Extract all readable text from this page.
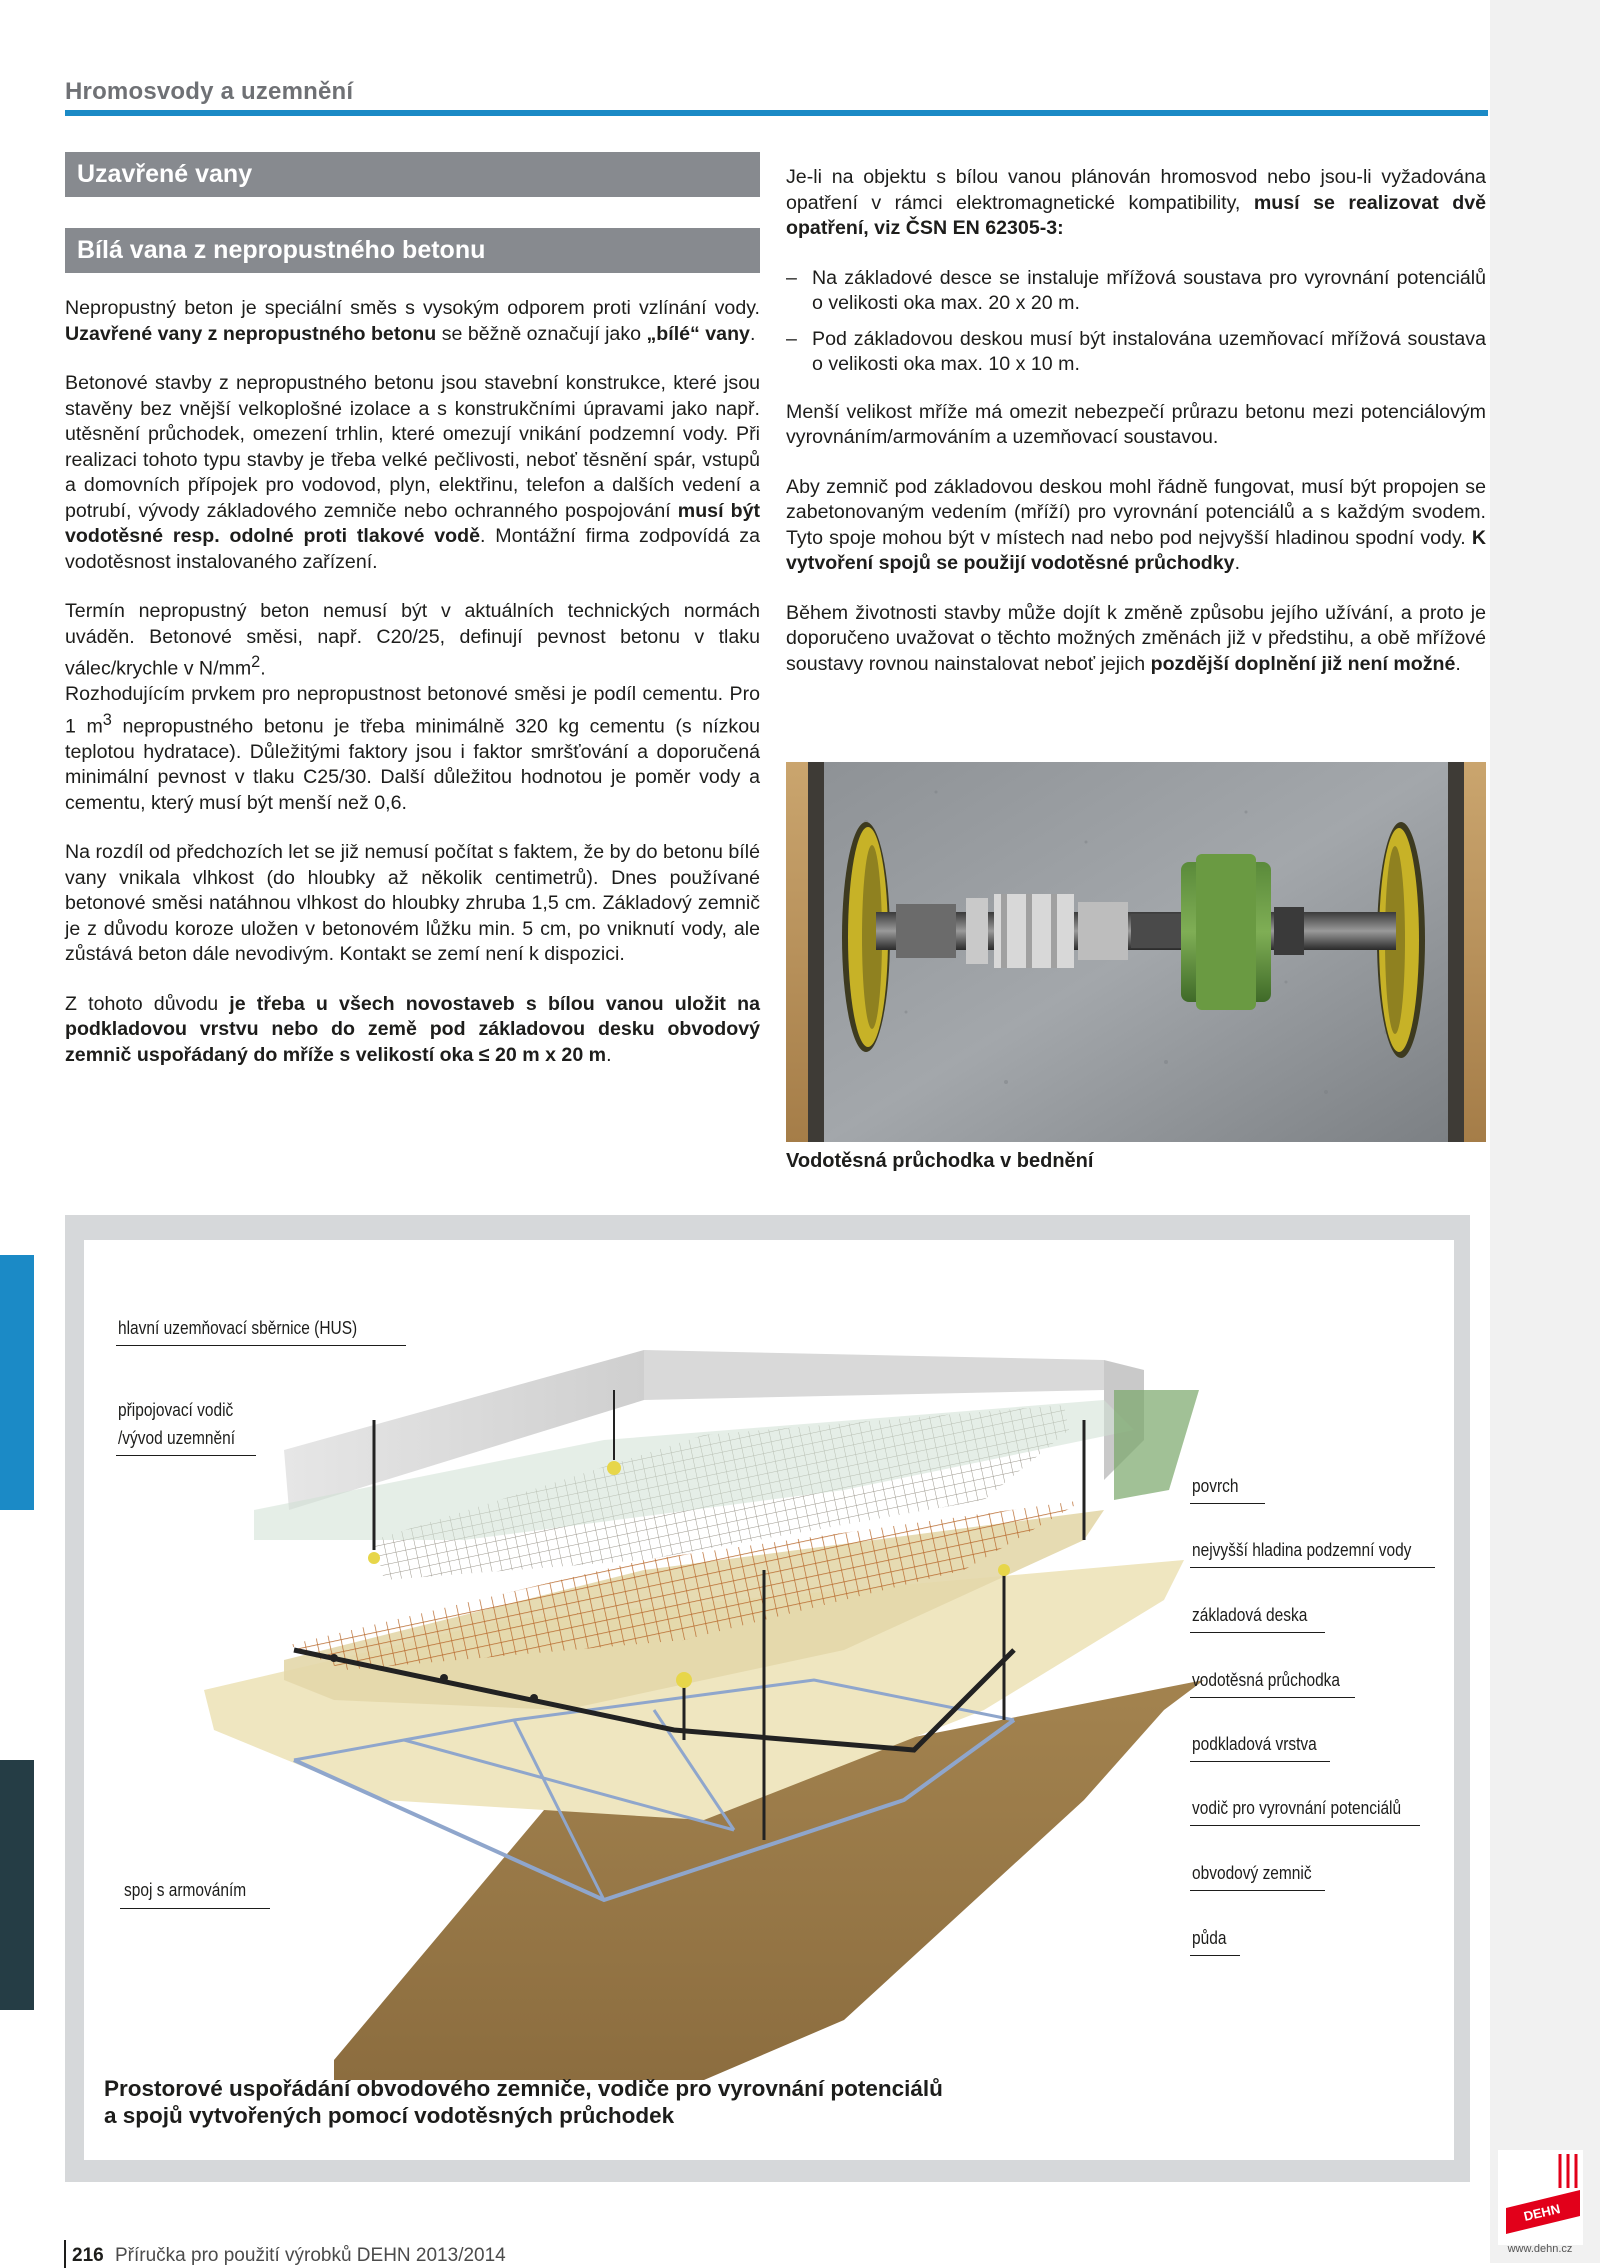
Hromosvody a uzemnění
Uzavřené vany
Bílá vana z nepropustného betonu

Nepropustný beton je speciální směs s vysokým odporem proti vzlínání vody. Uzavřené vany z nepropustného betonu se běžně označují jako „bílé“ vany.

Betonové stavby z nepropustného betonu jsou stavební konstrukce, které jsou stavěny bez vnější velkoplošné izolace a s konstrukčními úpravami jako např. utěsnění průchodek, omezení trhlin, které omezují vnikání podzemní vody. Při realizaci tohoto typu stavby je třeba velké pečlivosti, neboť těsnění spár, vstupů a domovních přípojek pro vodovod, plyn, elektřinu, telefon a dalších vedení a potrubí, vývody základového zemniče nebo ochranného pospojování musí být vodotěsné resp. odolné proti tlakové vodě. Montážní firma zodpovídá za vodotěsnost instalovaného zařízení.

Termín nepropustný beton nemusí být v aktuálních technických normách uváděn. Betonové směsi, např. C20/25, definují pevnost betonu v tlaku válec/krychle v $N/mm^2$.

Rozhodujícím prvkem pro nepropustnost betonové směsi je podíl cementu. Pro 1 $m^3$ nepropustného betonu je třeba minimálně 320 kg cementu (s nízkou teplotou hydratace). Důležitými faktory jsou i faktor smršťování a doporučená minimální pevnost v tlaku C25/30. Další důležitou hodnotou je poměr vody a cementu, který musí být menší než 0,6.

Na rozdíl od předchozích let se již nemusí počítat s faktem, že by do betonu bílé vany vnikala vlhkost (do hloubky až několik centimetrů). Dnes používané betonové směsi natáhnou vlhkost do hloubky zhruba 1,5 cm. Základový zemnič je z důvodu koroze uložen v betonovém lůžku min. 5 cm, po vniknutí vody, ale zůstává beton dále nevodivým. Kontakt se zemí není k dispozici.

Z tohoto důvodu je třeba u všech novostaveb s bílou vanou uložit na podkladovou vrstvu nebo do země pod základovou desku obvodový zemnič uspořádaný do mříže s velikostí oka ≤ 20 m x 20 m.

Je-li na objektu s bílou vanou plánován hromosvod nebo jsou-li vyžadována opatření v rámci elektromagnetické kompatibility, musí se realizovat dvě opatření, viz ČSN EN 62305-3:

– Na základové desce se instaluje mřížová soustava pro vyrovnání potenciálů o velikosti oka max. 20 x 20 m.
– Pod základovou deskou musí být instalována uzemňovací mřížová soustava o velikosti oka max. 10 x 10 m.

Menší velikost mříže má omezit nebezpečí průrazu betonu mezi potenciálovým vyrovnáním/armováním a uzemňovací soustavou.

Aby zemnič pod základovou deskou mohl řádně fungovat, musí být propojen se zabetonovaným vedením (mříží) pro vyrovnání potenciálů a s každým svodem. Tyto spoje mohou být v místech nad nebo pod nejvyšší hladinou spodní vody. K vytvoření spojů se použijí vodotěsné průchodky.

Během životnosti stavby může dojít k změně způsobu jejího užívání, a proto je doporučeno uvažovat o těchto možných změnách již v předstihu, a obě mřížové soustavy rovnou nainstalovat neboť jejich pozdější doplnění již není možné.

Vodotěsná průchodka v bednění
hlavní uzemňovací sběrnice (HUS)
připojovací vodič
/vývod uzemnění
spoj s armováním
povrch
nejvyšší hladina podzemní vody
základová deska
vodotěsná průchodka
podkladová vrstva
vodič pro vyrovnání potenciálů
obvodový zemnič
půda
Prostorové uspořádání obvodového zemniče, vodiče pro vyrovnání potenciálů
a spojů vytvořených pomocí vodotěsných průchodek
216 Příručka pro použití výrobků DEHN 2013/2014
DEHN
www.dehn.cz
